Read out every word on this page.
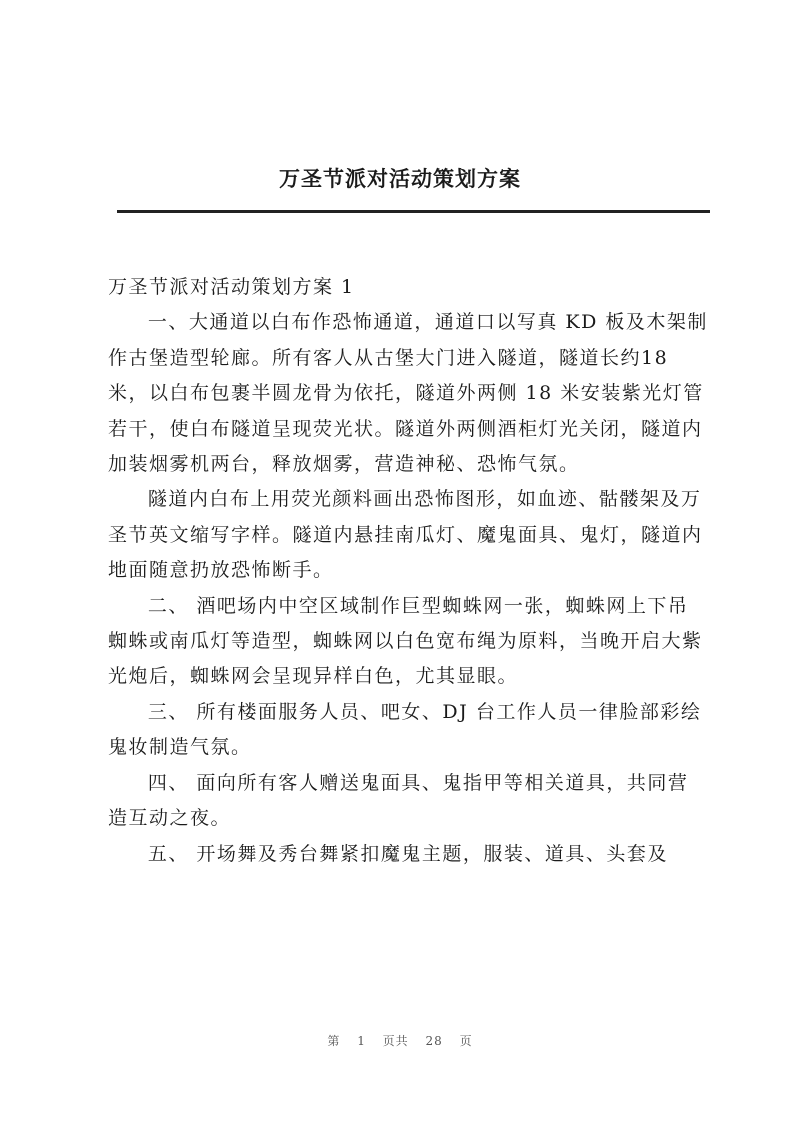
万圣节派对活动策划方案

万圣节派对活动策划方案 1

一、大通道以白布作恐怖通道，通道口以写真 KD 板及木架制作古堡造型轮廊。所有客人从古堡大门进入隧道，隧道长约18 米，以白布包裹半圆龙骨为依托，隧道外两侧 18 米安装紫光灯管若干，使白布隧道呈现荧光状。隧道外两侧酒柜灯光关闭，隧道内加装烟雾机两台，释放烟雾，营造神秘、恐怖气氛。

隧道内白布上用荧光颜料画出恐怖图形，如血迹、骷髅架及万圣节英文缩写字样。隧道内悬挂南瓜灯、魔鬼面具、鬼灯，隧道内地面随意扔放恐怖断手。

二、 酒吧场内中空区域制作巨型蜘蛛网一张，蜘蛛网上下吊蜘蛛或南瓜灯等造型，蜘蛛网以白色宽布绳为原料，当晚开启大紫光炮后，蜘蛛网会呈现异样白色，尤其显眼。

三、 所有楼面服务人员、吧女、DJ 台工作人员一律脸部彩绘鬼妆制造气氛。

四、 面向所有客人赠送鬼面具、鬼指甲等相关道具，共同营造互动之夜。

五、 开场舞及秀台舞紧扣魔鬼主题，服装、道具、头套及

第 1 页共 28 页
